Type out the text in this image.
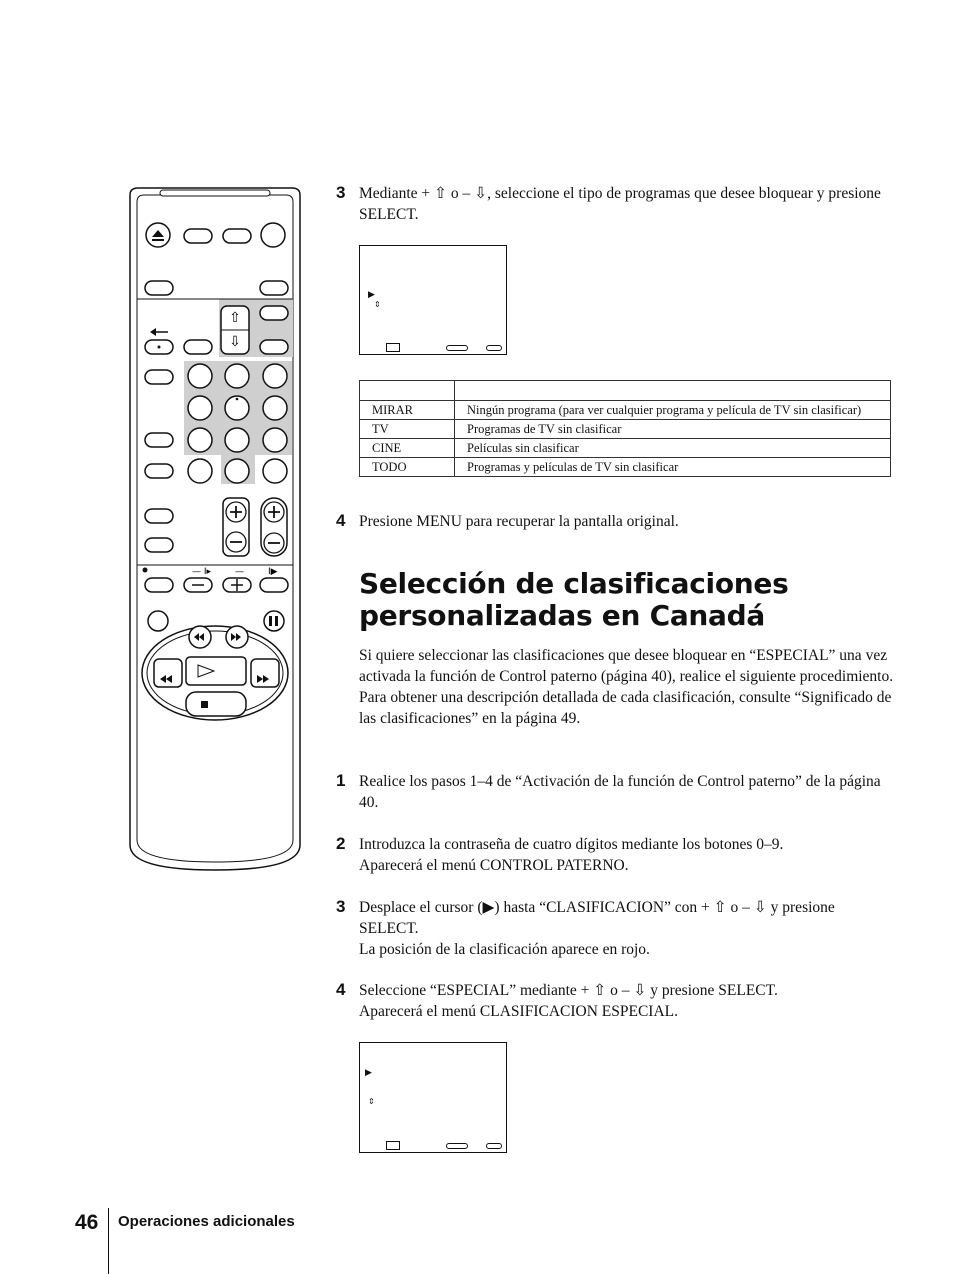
⇧
⇩
— I▸	—	I▶
3 Mediante + ⇧ o – ⇩, seleccione el tipo de programas que desee bloquear y presione SELECT.
▶
⇕

MIRAR	Ningún programa (para ver cualquier programa y película de TV sin clasificar)
TV	Programas de TV sin clasificar
CINE	Películas sin clasificar
TODO	Programas y películas de TV sin clasificar
4 Presione MENU para recuperar la pantalla original.
Selección de clasificaciones
personalizadas en Canadá
Si quiere seleccionar las clasificaciones que desee bloquear en “ESPECIAL” una vez activada la función de Control paterno (página 40), realice el siguiente procedimiento.
Para obtener una descripción detallada de cada clasificación, consulte “Significado de las clasificaciones” en la página 49.
1 Realice los pasos 1–4 de “Activación de la función de Control paterno” de la página 40.
2 Introduzca la contraseña de cuatro dígitos mediante los botones 0–9.
Aparecerá el menú CONTROL PATERNO.
3 Desplace el cursor (▶) hasta “CLASIFICACION” con + ⇧ o – ⇩ y presione SELECT.
La posición de la clasificación aparece en rojo.
4 Seleccione “ESPECIAL” mediante + ⇧ o – ⇩ y presione SELECT.
Aparecerá el menú CLASIFICACION ESPECIAL.
▶
⇕
46 Operaciones adicionales
